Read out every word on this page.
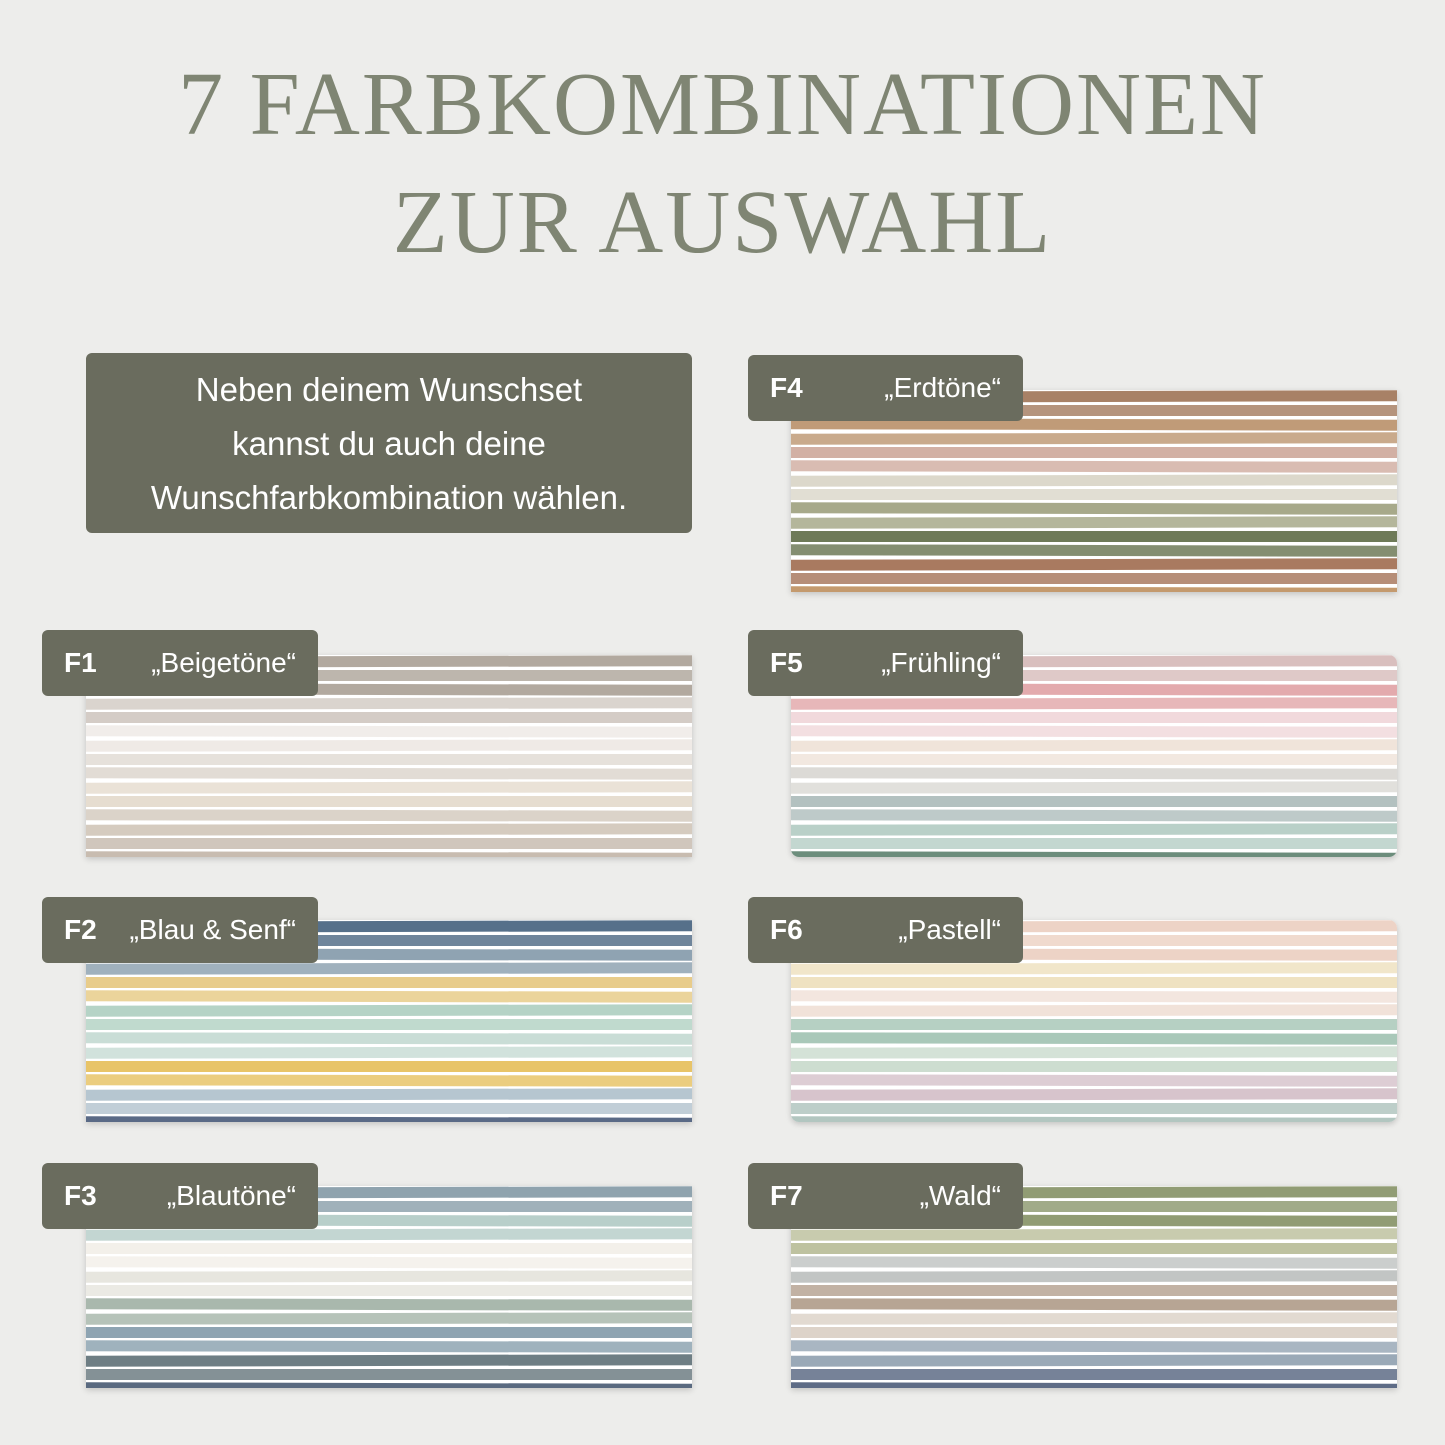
7 FARBKOMBINATIONEN
ZUR AUSWAHL
Neben deinem Wunschset
kannst du auch deine
Wunschfarbkombination wählen.
F1 „Beigetöne“
F2 „Blau & Senf“
F3	„Blautöne“
F4	„Erdtöne“
F5	„Frühling“
F6	„Pastell“
F7	„Wald“
